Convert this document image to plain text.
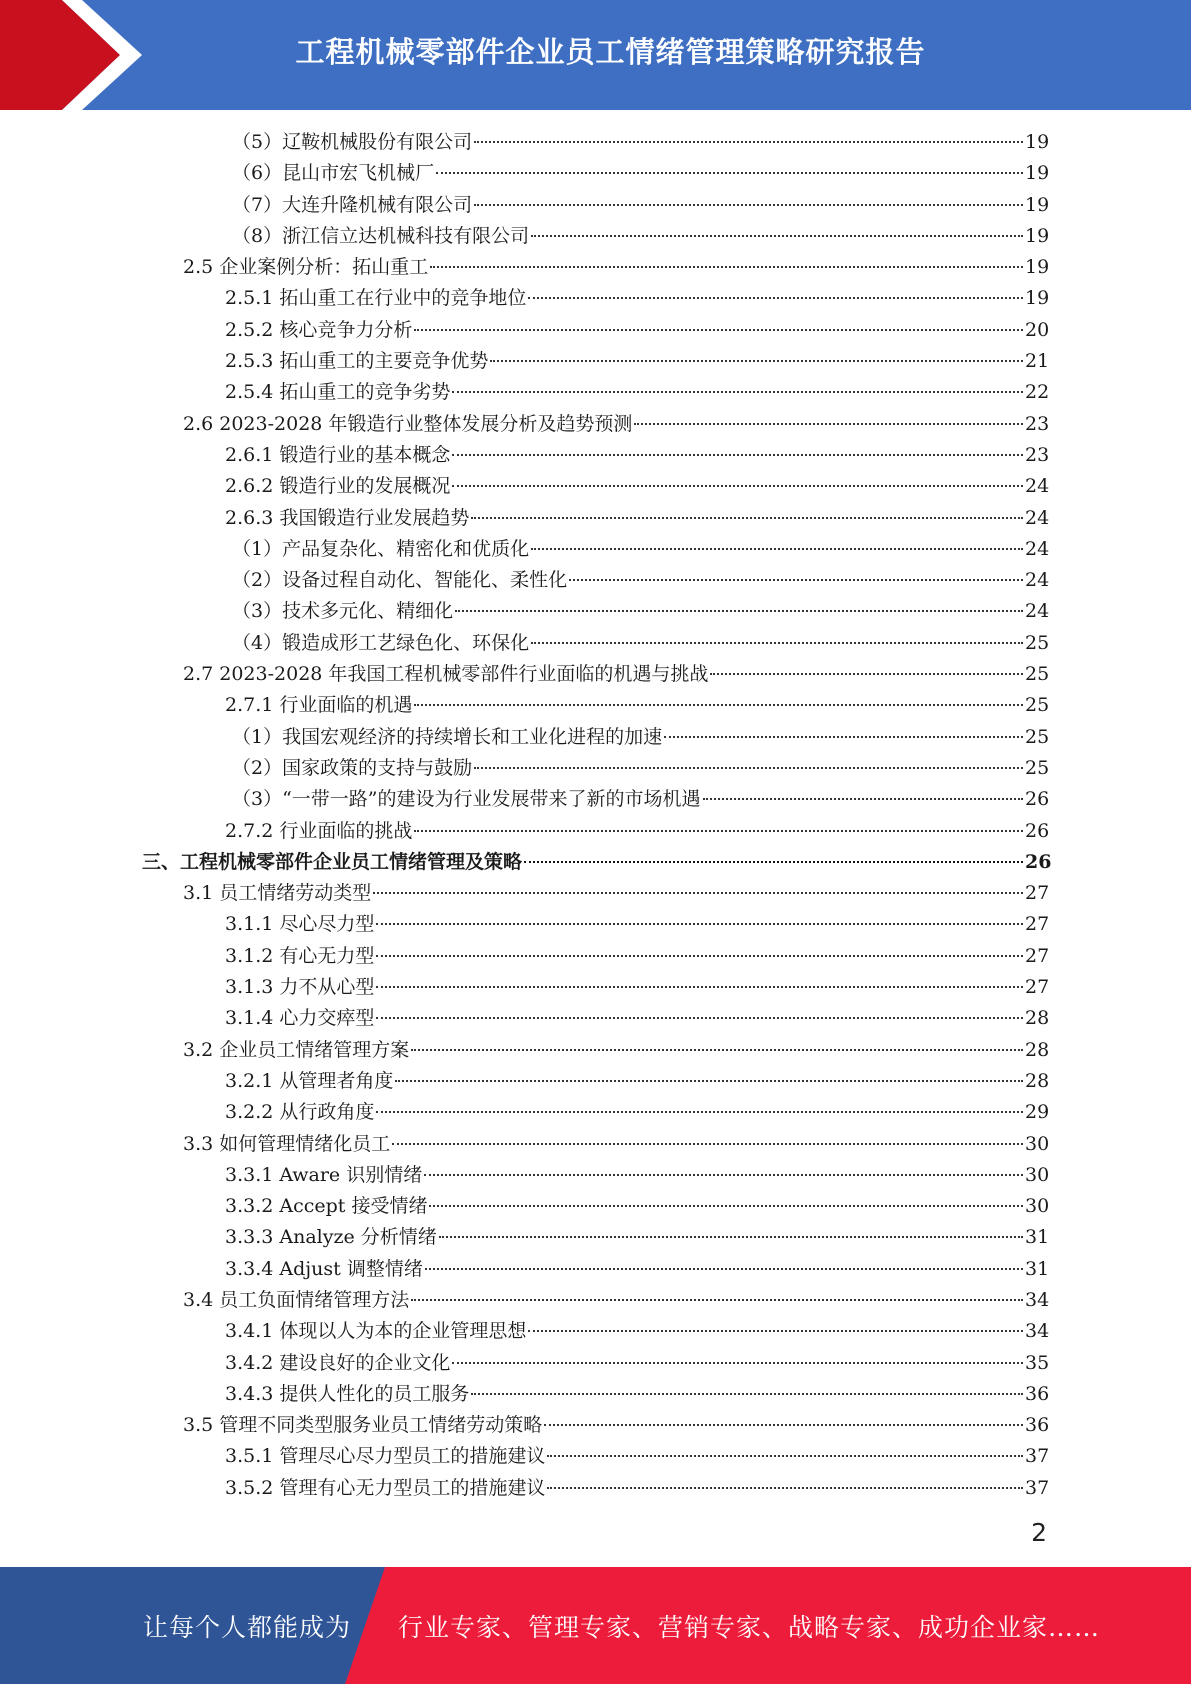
工程机械零部件企业员工情绪管理策略研究报告
（5）辽鞍机械股份有限公司	19
（6）昆山市宏飞机械厂	19
（7）大连升隆机械有限公司	19
（8）浙江信立达机械科技有限公司	19
2.5 企业案例分析：拓山重工	19
2.5.1 拓山重工在行业中的竞争地位	19
2.5.2 核心竞争力分析	20
2.5.3 拓山重工的主要竞争优势	21
2.5.4 拓山重工的竞争劣势	22
2.6 2023-2028 年锻造行业整体发展分析及趋势预测	23
2.6.1 锻造行业的基本概念	23
2.6.2 锻造行业的发展概况	24
2.6.3 我国锻造行业发展趋势	24
（1）产品复杂化、精密化和优质化	24
（2）设备过程自动化、智能化、柔性化	24
（3）技术多元化、精细化	24
（4）锻造成形工艺绿色化、环保化	25
2.7 2023-2028 年我国工程机械零部件行业面临的机遇与挑战	25
2.7.1 行业面临的机遇	25
（1）我国宏观经济的持续增长和工业化进程的加速	25
（2）国家政策的支持与鼓励	25
（3）“一带一路”的建设为行业发展带来了新的市场机遇	26
2.7.2 行业面临的挑战	26
三、工程机械零部件企业员工情绪管理及策略	26
3.1 员工情绪劳动类型	27
3.1.1 尽心尽力型	27
3.1.2 有心无力型	27
3.1.3 力不从心型	27
3.1.4 心力交瘁型	28
3.2 企业员工情绪管理方案	28
3.2.1 从管理者角度	28
3.2.2 从行政角度	29
3.3 如何管理情绪化员工	30
3.3.1 Aware 识别情绪	30
3.3.2 Accept 接受情绪	30
3.3.3 Analyze 分析情绪	31
3.3.4 Adjust 调整情绪	31
3.4 员工负面情绪管理方法	34
3.4.1 体现以人为本的企业管理思想	34
3.4.2 建设良好的企业文化	35
3.4.3 提供人性化的员工服务	36
3.5 管理不同类型服务业员工情绪劳动策略	36
3.5.1 管理尽心尽力型员工的措施建议	37
3.5.2 管理有心无力型员工的措施建议	37
2
让每个人都能成为 行业专家、管理专家、营销专家、战略专家、成功企业家……
